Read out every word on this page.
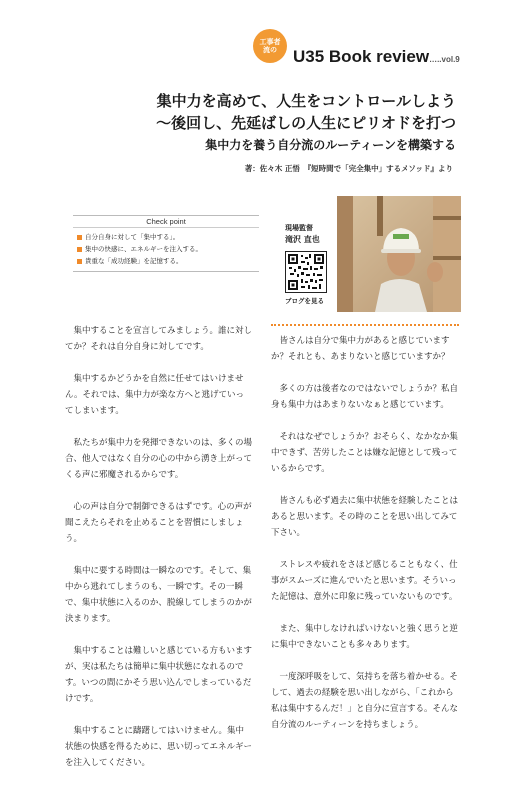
工事者流の U35 Book review…..vol.9
集中力を高めて、人生をコントロールしよう
〜後回し、先延ばしの人生にピリオドを打つ
集中力を養う自分流のルーティーンを構築する
著：佐々木 正悟　『短時間で「完全集中」するメソッド』より
Check point
自分自身に対して「集中する」。
集中の快感に、エネルギーを注入する。
貴重な「成功経験」を記憶する。
現場監督
滝沢 直也
ブログを見る

集中することを宣言してみましょう。誰に対してか？それは自分自身に対してです。

集中するかどうかを自然に任せてはいけません。それでは、集中力が楽な方へと逃げていってしまいます。

私たちが集中力を発揮できないのは、多くの場合、他人ではなく自分の心の中から湧き上がってくる声に邪魔されるからです。

心の声は自分で制御できるはずです。心の声が聞こえたらそれを止めることを習慣にしましょう。

集中に要する時間は一瞬なのです。そして、集中から逃れてしまうのも、一瞬です。その一瞬で、集中状態に入るのか、脱線してしまうのかが決まります。

集中することは難しいと感じている方もいますが、実は私たちは簡単に集中状態になれるのです。いつの間にかそう思い込んでしまっているだけです。

集中することに躊躇してはいけません。集中状態の快感を得るために、思い切ってエネルギーを注入してください。

皆さんは自分で集中力があると感じていますか？それとも、あまりないと感じていますか？

多くの方は後者なのではないでしょうか？私自身も集中力はあまりないなぁと感じています。

それはなぜでしょうか？おそらく、なかなか集中できず、苦労したことは嫌な記憶として残っているからです。

皆さんも必ず過去に集中状態を経験したことはあると思います。その時のことを思い出してみて下さい。

ストレスや疲れをさほど感じることもなく、仕事がスムーズに進んでいたと思います。そういった記憶は、意外に印象に残っていないものです。

また、集中しなければいけないと強く思うと逆に集中できないことも多々あります。

一度深呼吸をして、気持ちを落ち着かせる。そして、過去の経験を思い出しながら、「これから私は集中するんだ！」と自分に宣言する。そんな自分流のルーティーンを持ちましょう。
